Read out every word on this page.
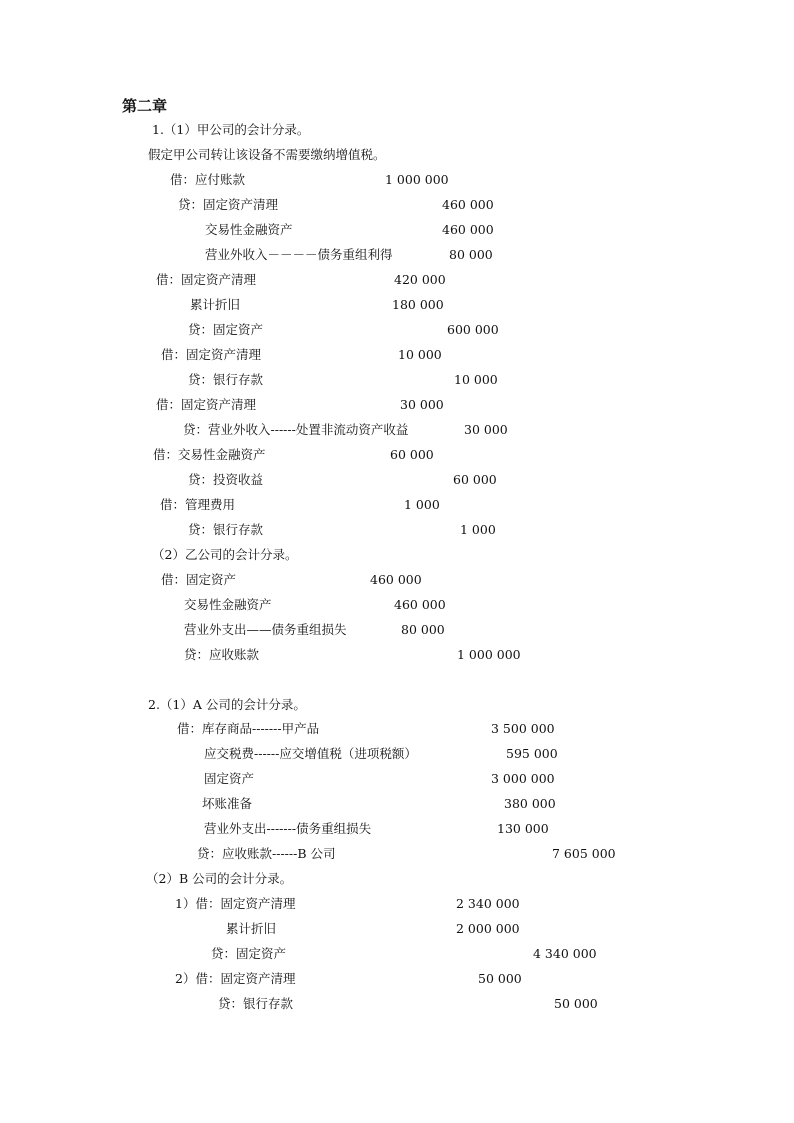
第二章
1.（1）甲公司的会计分录。
假定甲公司转让该设备不需要缴纳增值税。
借：应付账款	1 000 000
贷：固定资产清理	460 000
交易性金融资产	460 000
营业外收入－－－－债务重组利得	80 000
借：固定资产清理	420 000
累计折旧	180 000
贷：固定资产	600 000
借：固定资产清理	10 000
贷：银行存款	10 000
借：固定资产清理	30 000
贷：营业外收入------处置非流动资产收益	30 000
借：交易性金融资产	60 000
贷：投资收益	60 000
借：管理费用	1 000
贷：银行存款	1 000
（2）乙公司的会计分录。
借：固定资产	460 000
交易性金融资产	460 000
营业外支出——债务重组损失	80 000
贷：应收账款	1 000 000
2.（1）A 公司的会计分录。
借：库存商品-------甲产品	3 500 000
应交税费------应交增值税（进项税额）	595 000
固定资产	3 000 000
坏账准备	380 000
营业外支出-------债务重组损失	130 000
贷：应收账款------B 公司	7 605 000
（2）B 公司的会计分录。
1）借：固定资产清理	2 340 000
累计折旧	2 000 000
贷：固定资产	4 340 000
2）借：固定资产清理	50 000
贷：银行存款	50 000
